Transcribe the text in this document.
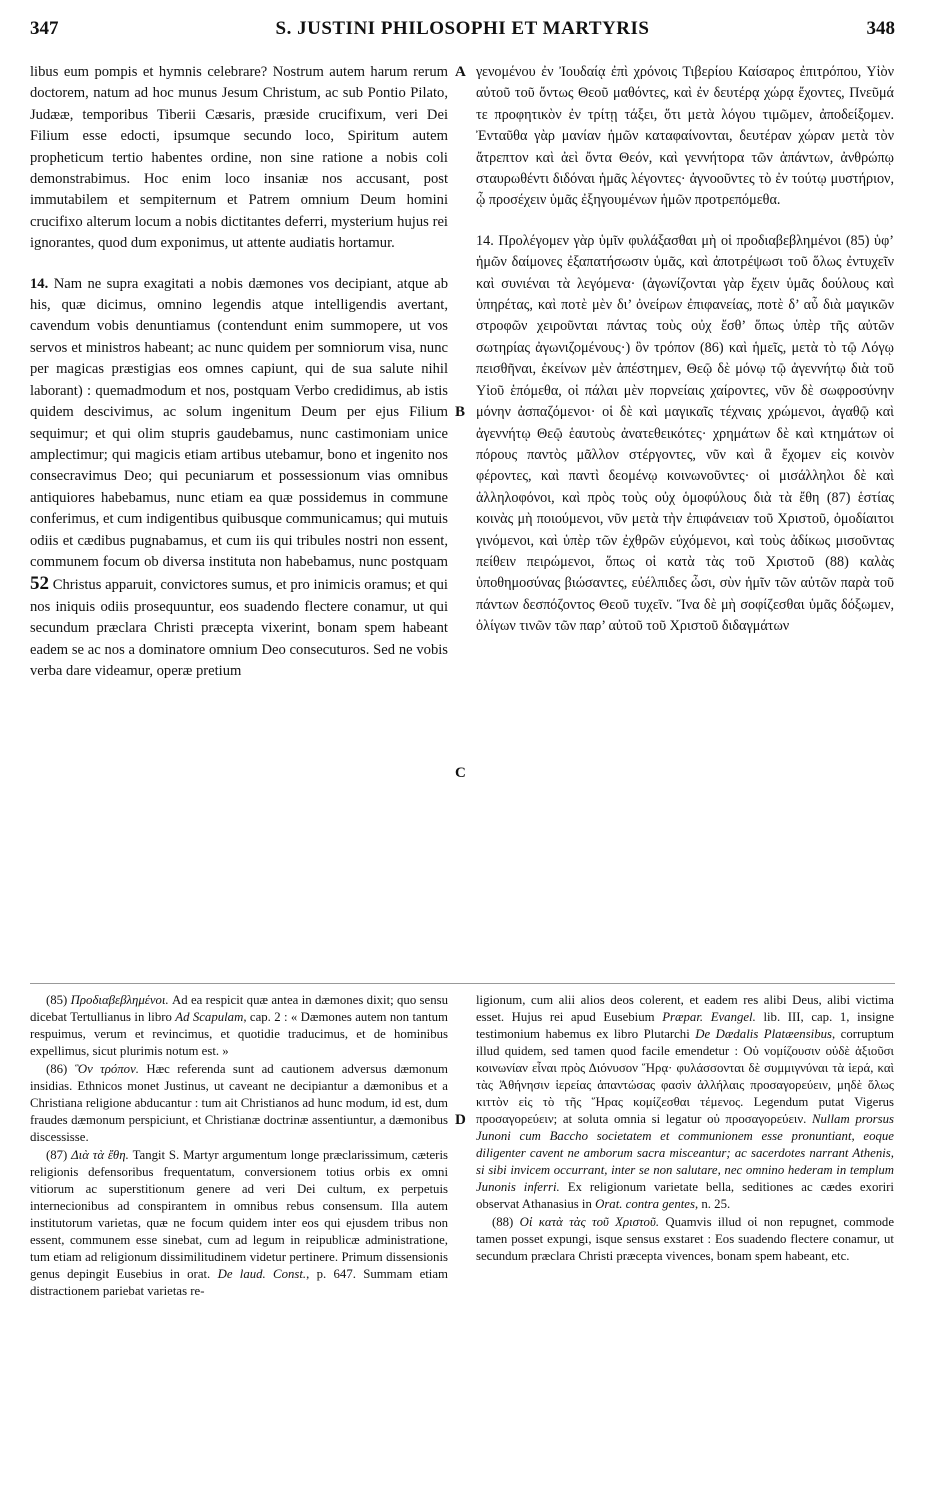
347	S. JUSTINI PHILOSOPHI ET MARTYRIS	348
A
B
C
D

libus eum pompis et hymnis celebrare? Nostrum autem harum rerum doctorem, natum ad hoc munus Jesum Christum, ac sub Pontio Pilato, Judææ, temporibus Tiberii Cæsaris, præside crucifixum, veri Dei Filium esse edocti, ipsumque secundo loco, Spiritum autem propheticum tertio habentes ordine, non sine ratione a nobis coli demonstrabimus. Hoc enim loco insaniæ nos accusant, post immutabilem et sempiternum et Patrem omnium Deum homini crucifixo alterum locum a nobis dictitantes deferri, mysterium hujus rei ignorantes, quod dum exponimus, ut attente audiatis hortamur.

14. Nam ne supra exagitati a nobis dæmones vos decipiant, atque ab his, quæ dicimus, omnino legendis atque intelligendis avertant, cavendum vobis denuntiamus (contendunt enim summopere, ut vos servos et ministros habeant; ac nunc quidem per somniorum visa, nunc per magicas præstigias eos omnes capiunt, qui de sua salute nihil laborant) : quemadmodum et nos, postquam Verbo credidimus, ab istis quidem descivimus, ac solum ingenitum Deum per ejus Filium sequimur; et qui olim stupris gaudebamus, nunc castimoniam unice amplectimur; qui magicis etiam artibus utebamur, bono et ingenito nos consecravimus Deo; qui pecuniarum et possessionum vias omnibus antiquiores habebamus, nunc etiam ea quæ possidemus in commune conferimus, et cum indigentibus quibusque communicamus; qui mutuis odiis et cædibus pugnabamus, et cum iis qui tribules nostri non essent, communem focum ob diversa instituta non habebamus, nunc postquam 52 Christus apparuit, convictores sumus, et pro inimicis oramus; et qui nos iniquis odiis prosequuntur, eos suadendo flectere conamur, ut qui secundum præclara Christi præcepta vixerint, bonam spem habeant eadem se ac nos a dominatore omnium Deo consecuturos. Sed ne vobis verba dare videamur, operæ pretium

γενομένου ἐν Ἰουδαίᾳ ἐπὶ χρόνοις Τιβερίου Καίσαρος ἐπιτρόπου, Υἱὸν αὐτοῦ τοῦ ὄντως Θεοῦ μαθόντες, καὶ ἐν δευτέρᾳ χώρᾳ ἔχοντες, Πνεῦμά τε προφητικὸν ἐν τρίτῃ τάξει, ὅτι μετὰ λόγου τιμῶμεν, ἀποδείξομεν. Ἐνταῦθα γὰρ μανίαν ἡμῶν καταφαίνονται, δευτέραν χώραν μετὰ τὸν ἄτρεπτον καὶ ἀεὶ ὄντα Θεόν, καὶ γεννήτορα τῶν ἁπάντων, ἀνθρώπῳ σταυρωθέντι διδόναι ἡμᾶς λέγοντες· ἀγνοοῦντες τὸ ἐν τούτῳ μυστήριον, ᾧ προσέχειν ὑμᾶς ἐξηγουμένων ἡμῶν προτρεπόμεθα.

14. Προλέγομεν γὰρ ὑμῖν φυλάξασθαι μὴ οἱ προδιαβεβλημένοι (85) ὑφ’ ἡμῶν δαίμονες ἐξαπατήσωσιν ὑμᾶς, καὶ ἀποτρέψωσι τοῦ ὅλως ἐντυχεῖν καὶ συνιέναι τὰ λεγόμενα· (ἀγωνίζονται γὰρ ἔχειν ὑμᾶς δούλους καὶ ὑπηρέτας, καὶ ποτὲ μὲν δι’ ὀνείρων ἐπιφανείας, ποτὲ δ’ αὖ διὰ μαγικῶν στροφῶν χειροῦνται πάντας τοὺς οὐχ ἔσθ’ ὅπως ὑπὲρ τῆς αὐτῶν σωτηρίας ἀγωνιζομένους·) ὃν τρόπον (86) καὶ ἡμεῖς, μετὰ τὸ τῷ Λόγῳ πεισθῆναι, ἐκείνων μὲν ἀπέστημεν, Θεῷ δὲ μόνῳ τῷ ἀγεννήτῳ διὰ τοῦ Υἱοῦ ἑπόμεθα, οἱ πάλαι μὲν πορνείαις χαίροντες, νῦν δὲ σωφροσύνην μόνην ἀσπαζόμενοι· οἱ δὲ καὶ μαγικαῖς τέχναις χρώμενοι, ἀγαθῷ καὶ ἀγεννήτῳ Θεῷ ἑαυτοὺς ἀνατεθεικότες· χρημάτων δὲ καὶ κτημάτων οἱ πόρους παντὸς μᾶλλον στέργοντες, νῦν καὶ ἃ ἔχομεν εἰς κοινὸν φέροντες, καὶ παντὶ δεομένῳ κοινωνοῦντες· οἱ μισάλληλοι δὲ καὶ ἀλληλοφόνοι, καὶ πρὸς τοὺς οὐχ ὁμοφύλους διὰ τὰ ἔθη (87) ἑστίας κοινὰς μὴ ποιούμενοι, νῦν μετὰ τὴν ἐπιφάνειαν τοῦ Χριστοῦ, ὁμοδίαιτοι γινόμενοι, καὶ ὑπὲρ τῶν ἐχθρῶν εὐχόμενοι, καὶ τοὺς ἀδίκως μισοῦντας πείθειν πειρώμενοι, ὅπως οἱ κατὰ τὰς τοῦ Χριστοῦ (88) καλὰς ὑποθημοσύνας βιώσαντες, εὐέλπιδες ὦσι, σὺν ἡμῖν τῶν αὐτῶν παρὰ τοῦ πάντων δεσπόζοντος Θεοῦ τυχεῖν. Ἵνα δὲ μὴ σοφίζεσθαι ὑμᾶς δόξωμεν, ὀλίγων τινῶν τῶν παρ’ αὐτοῦ τοῦ Χριστοῦ διδαγμάτων

(85) Προδιαβεβλημένοι. Ad ea respicit quæ antea in dæmones dixit; quo sensu dicebat Tertullianus in libro Ad Scapulam, cap. 2 : « Dæmones autem non tantum respuimus, verum et revincimus, et quotidie traducimus, et de hominibus expellimus, sicut plurimis notum est. »

(86) Ὃν τρόπον. Hæc referenda sunt ad cautionem adversus dæmonum insidias. Ethnicos monet Justinus, ut caveant ne decipiantur a dæmonibus et a Christiana religione abducantur : tum ait Christianos ad hunc modum, id est, dum fraudes dæmonum perspiciunt, et Christianæ doctrinæ assentiuntur, a dæmonibus discessisse.

(87) Διὰ τὰ ἔθη. Tangit S. Martyr argumentum longe præclarissimum, cæteris religionis defensoribus frequentatum, conversionem totius orbis ex omni vitiorum ac superstitionum genere ad veri Dei cultum, ex perpetuis internecionibus ad conspirantem in omnibus rebus consensum. Illa autem institutorum varietas, quæ ne focum quidem inter eos qui ejusdem tribus non essent, communem esse sinebat, cum ad legum in reipublicæ administratione, tum etiam ad religionum dissimilitudinem videtur pertinere. Primum dissensionis genus depingit Eusebius in orat. De laud. Const., p. 647. Summam etiam distractionem pariebat varietas re-

ligionum, cum alii alios deos colerent, et eadem res alibi Deus, alibi victima esset. Hujus rei apud Eusebium Præpar. Evangel. lib. III, cap. 1, insigne testimonium habemus ex libro Plutarchi De Dædalis Platæensibus, corruptum illud quidem, sed tamen quod facile emendetur : Οὐ νομίζουσιν οὐδὲ ἀξιοῦσι κοινωνίαν εἶναι πρὸς Διόνυσον Ἥρᾳ· φυλάσσονται δὲ συμμιγνύναι τὰ ἱερά, καὶ τὰς Ἀθήνησιν ἱερείας ἁπαντώσας φασὶν ἀλλήλαις προσαγορεύειν, μηδὲ ὅλως κιττὸν εἰς τὸ τῆς Ἥρας κομίζεσθαι τέμενος. Legendum putat Vigerus προσαγορεύειν; at soluta omnia si legatur οὐ προσαγορεύειν. Nullam prorsus Junoni cum Baccho societatem et communionem esse pronuntiant, eoque diligenter cavent ne amborum sacra misceantur; ac sacerdotes narrant Athenis, si sibi invicem occurrant, inter se non salutare, nec omnino hederam in templum Junonis inferri. Ex religionum varietate bella, seditiones ac cædes exoriri observat Athanasius in Orat. contra gentes, n. 25.

(88) Οἱ κατὰ τὰς τοῦ Χριστοῦ. Quamvis illud οἱ non repugnet, commode tamen posset expungi, isque sensus exstaret : Eos suadendo flectere conamur, ut secundum præclara Christi præcepta vivences, bonam spem habeant, etc.
